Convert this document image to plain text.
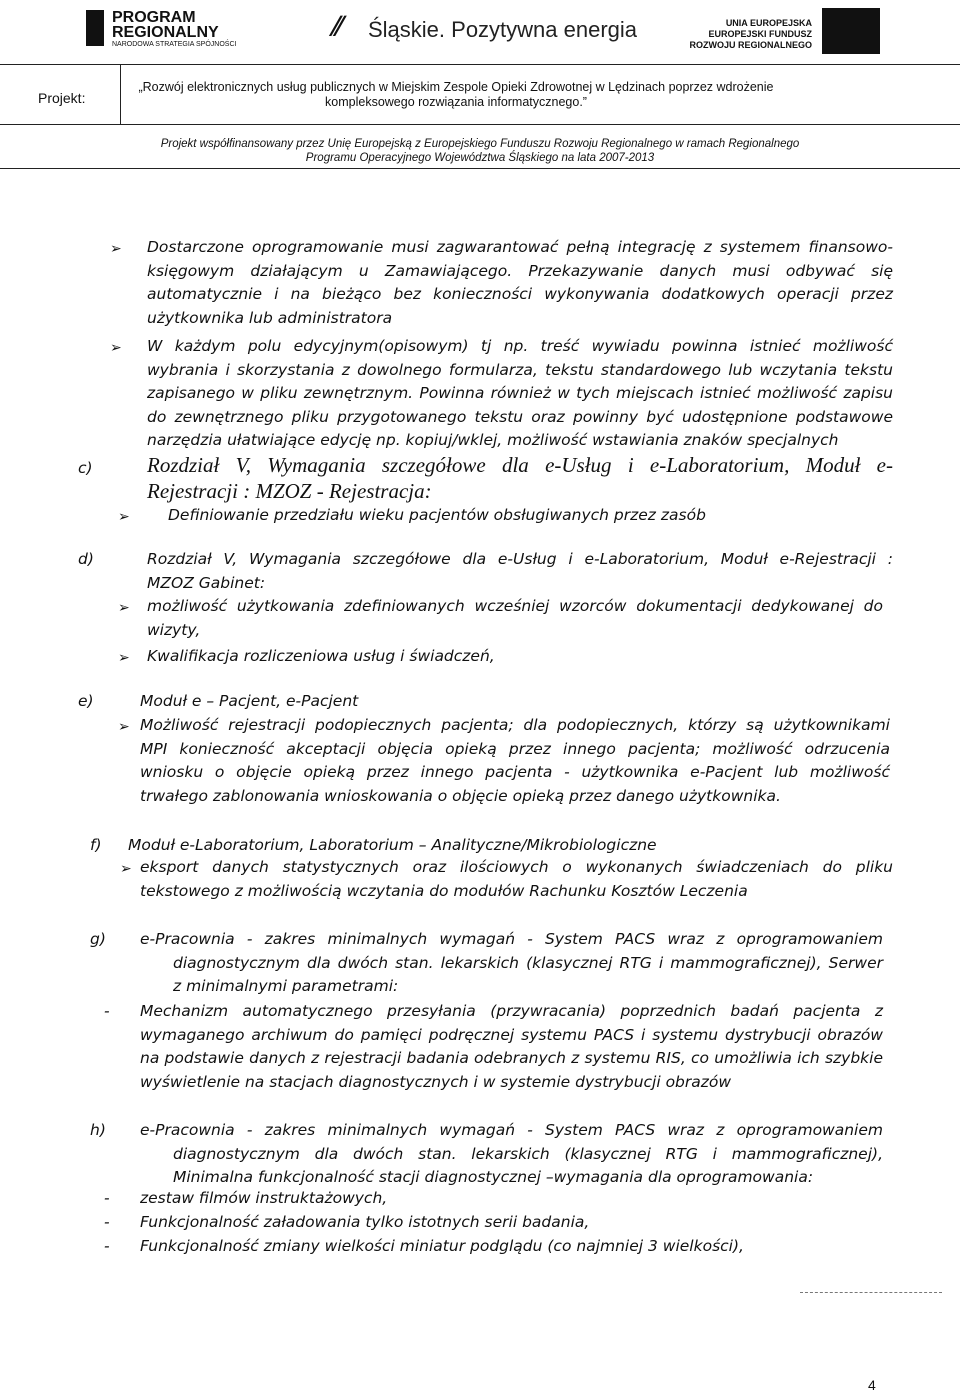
PROGRAM
REGIONALNY
NARODOWA STRATEGIA SPÓJNOŚCI
⫽ Śląskie. Pozytywna energia	UNIA EUROPEJSKA
EUROPEJSKI FUNDUSZ
ROZWOJU REGIONALNEGO
Projekt:
„Rozwój elektronicznych usług publicznych w Miejskim Zespole Opieki Zdrowotnej w Lędzinach poprzez wdrożenie
kompleksowego rozwiązania informatycznego.”
Projekt współfinansowany przez Unię Europejską z Europejskiego Funduszu Rozwoju Regionalnego w ramach Regionalnego
Programu Operacyjnego Województwa Śląskiego na lata 2007-2013
➢ Dostarczone oprogramowanie musi zagwarantować pełną integrację z systemem finansowo-
księgowym działającym u Zamawiającego. Przekazywanie danych musi odbywać się
automatycznie i na bieżąco bez konieczności wykonywania dodatkowych operacji przez
użytkownika lub administratora
➢ W każdym polu edycyjnym(opisowym) tj np. treść wywiadu powinna istnieć możliwość
wybrania i skorzystania z dowolnego formularza, tekstu standardowego lub wczytania tekstu
zapisanego w pliku zewnętrznym. Powinna również w tych miejscach istnieć możliwość zapisu
do zewnętrznego pliku przygotowanego tekstu oraz powinny być udostępnione podstawowe
narzędzia ułatwiające edycję np. kopiuj/wklej, możliwość wstawiania znaków specjalnych
c)	Rozdział V, Wymagania szczegółowe dla e-Usług i e-Laboratorium, Moduł e-
Rejestracji : MZOZ - Rejestracja:
➢ Definiowanie przedziału wieku pacjentów obsługiwanych przez zasób
d)	Rozdział V, Wymagania szczegółowe dla e-Usług i e-Laboratorium, Moduł e-Rejestracji :
MZOZ Gabinet:
➢ możliwość użytkowania zdefiniowanych wcześniej wzorców dokumentacji dedykowanej do
wizyty,
➢ Kwalifikacja rozliczeniowa usług i świadczeń,
e)	Moduł e – Pacjent, e-Pacjent
➢ Możliwość rejestracji podopiecznych pacjenta; dla podopiecznych, którzy są użytkownikami
MPI konieczność akceptacji objęcia opieką przez innego pacjenta; możliwość odrzucenia
wniosku o objęcie opieką przez innego pacjenta - użytkownika e-Pacjent lub możliwość
trwałego zablonowania wnioskowania o objęcie opieką przez danego użytkownika.
f) Moduł e-Laboratorium, Laboratorium – Analityczne/Mikrobiologiczne
➢ eksport danych statystycznych oraz ilościowych o wykonanych świadczeniach do pliku
tekstowego z możliwością wczytania do modułów Rachunku Kosztów Leczenia
g) e-Pracownia - zakres minimalnych wymagań - System PACS wraz z oprogramowaniem
diagnostycznym dla dwóch stan. lekarskich (klasycznej RTG i mammograficznej), Serwer
z minimalnymi parametrami:
- Mechanizm automatycznego przesyłania (przywracania) poprzednich badań pacjenta z
wymaganego archiwum do pamięci podręcznej systemu PACS i systemu dystrybucji obrazów
na podstawie danych z rejestracji badania odebranych z systemu RIS, co umożliwia ich szybkie
wyświetlenie na stacjach diagnostycznych i w systemie dystrybucji obrazów
h) e-Pracownia - zakres minimalnych wymagań - System PACS wraz z oprogramowaniem
diagnostycznym dla dwóch stan. lekarskich (klasycznej RTG i mammograficznej),
Minimalna funkcjonalność stacji diagnostycznej –wymagania dla oprogramowania:
- zestaw filmów instruktażowych,
- Funkcjonalność załadowania tylko istotnych serii badania,
- Funkcjonalność zmiany wielkości miniatur podglądu (co najmniej 3 wielkości),
4
